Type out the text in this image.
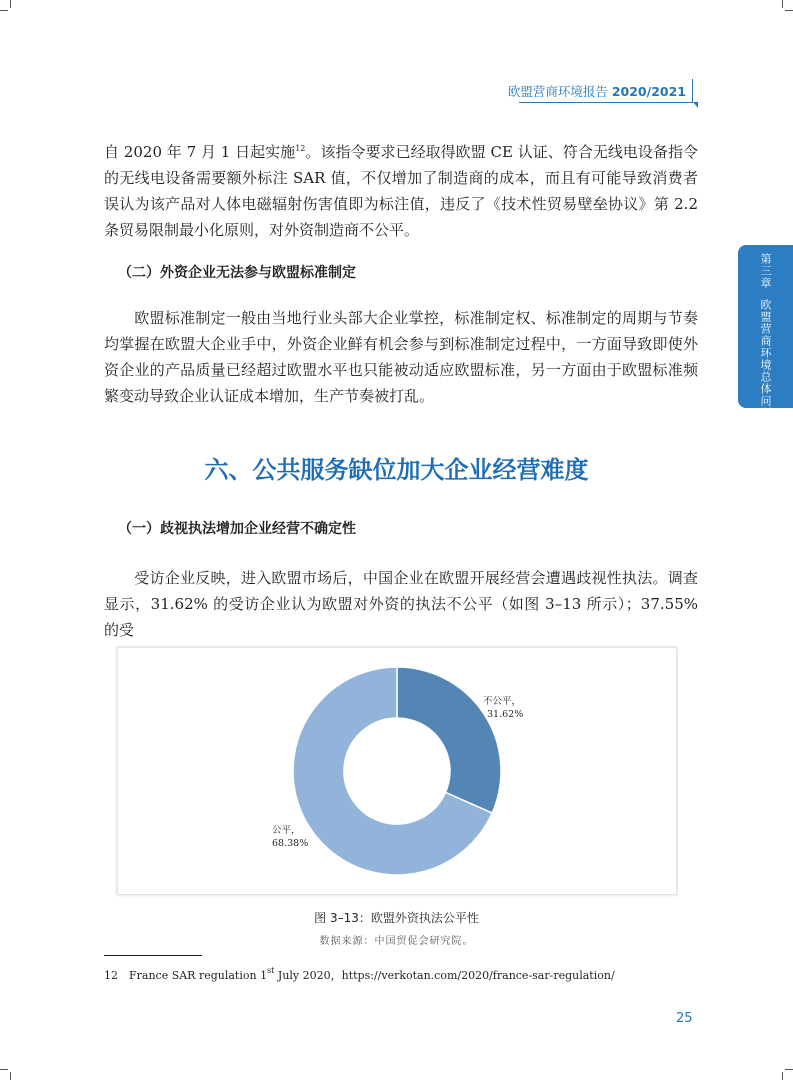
欧盟营商环境报告 2020/2021
第三章欧盟营商环境总体问题

自 2020 年 7 月 1 日起实施$^{12}$。该指令要求已经取得欧盟 CE 认证、符合无线电设备指令的无线电设备需要额外标注 SAR 值，不仅增加了制造商的成本，而且有可能导致消费者误认为该产品对人体电磁辐射伤害值即为标注值，违反了《技术性贸易壁垒协议》第 2.2 条贸易限制最小化原则，对外资制造商不公平。

（二）外资企业无法参与欧盟标准制定

欧盟标准制定一般由当地行业头部大企业掌控，标准制定权、标准制定的周期与节奏均掌握在欧盟大企业手中，外资企业鲜有机会参与到标准制定过程中，一方面导致即使外资企业的产品质量已经超过欧盟水平也只能被动适应欧盟标准，另一方面由于欧盟标准频繁变动导致企业认证成本增加，生产节奏被打乱。

六、公共服务缺位加大企业经营难度
（一）歧视执法增加企业经营不确定性

受访企业反映，进入欧盟市场后，中国企业在欧盟开展经营会遭遇歧视性执法。调查显示，31.62% 的受访企业认为欧盟对外资的执法不公平（如图 3–13 所示）；37.55% 的受

不公平， 31.62%
公平， 68.38%
图 3–13：欧盟外资执法公平性
数据来源：中国贸促会研究院。
12 France SAR regulation 1st July 2020，https://verkotan.com/2020/france-sar-regulation/
25
